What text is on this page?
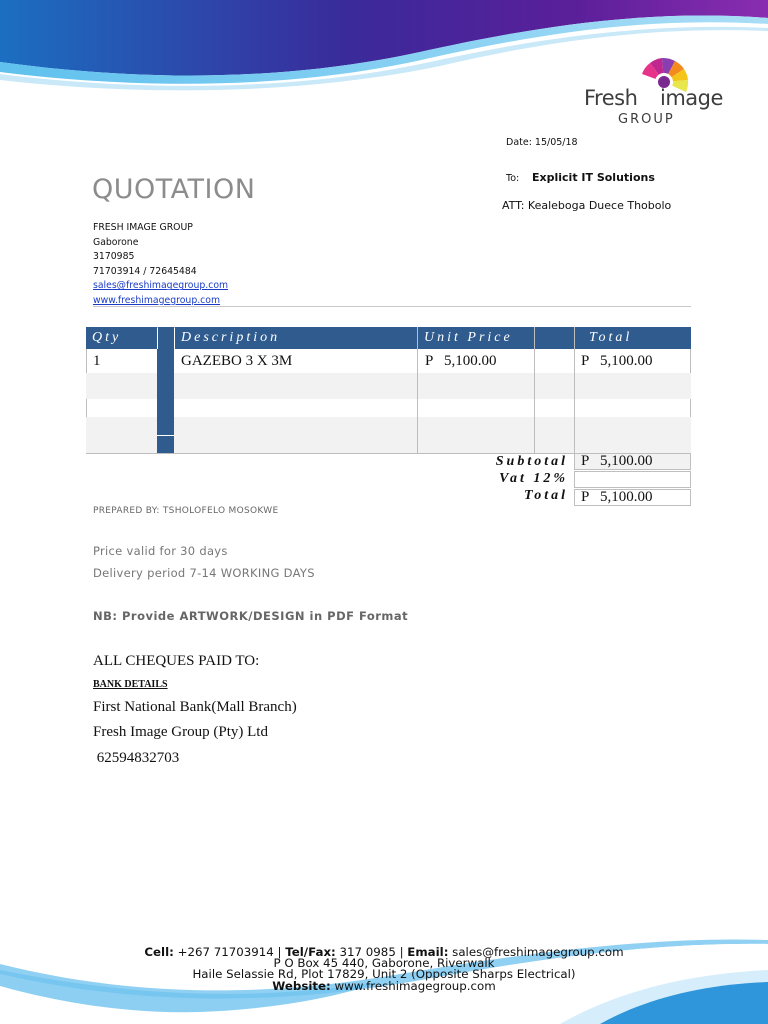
Fresh image
GROUP
Date: 15/05/18
To: Explicit IT Solutions
ATT: Kealeboga Duece Thobolo
QUOTATION
FRESH IMAGE GROUP
Gaborone
3170985
71703914 / 72645484
sales@freshimagegroup.com
www.freshimagegroup.com
Qty	Description	Unit Price	Total
1	GAZEBO 3 X 3M	P   5,100.00	P   5,100.00
Subtotal P   5,100.00
Vat 12%
Total P   5,100.00
PREPARED BY: TSHOLOFELO MOSOKWE
Price valid for 30 days
Delivery period 7-14 WORKING DAYS
NB: Provide ARTWORK/DESIGN in PDF Format
ALL CHEQUES PAID TO:
BANK DETAILS
First National Bank(Mall Branch)
Fresh Image Group (Pty) Ltd
62594832703
Cell: +267 71703914 | Tel/Fax: 317 0985 | Email: sales@freshimagegroup.com
P O Box 45 440, Gaborone, Riverwalk
Haile Selassie Rd, Plot 17829, Unit 2 (Opposite Sharps Electrical)
Website: www.freshimagegroup.com
